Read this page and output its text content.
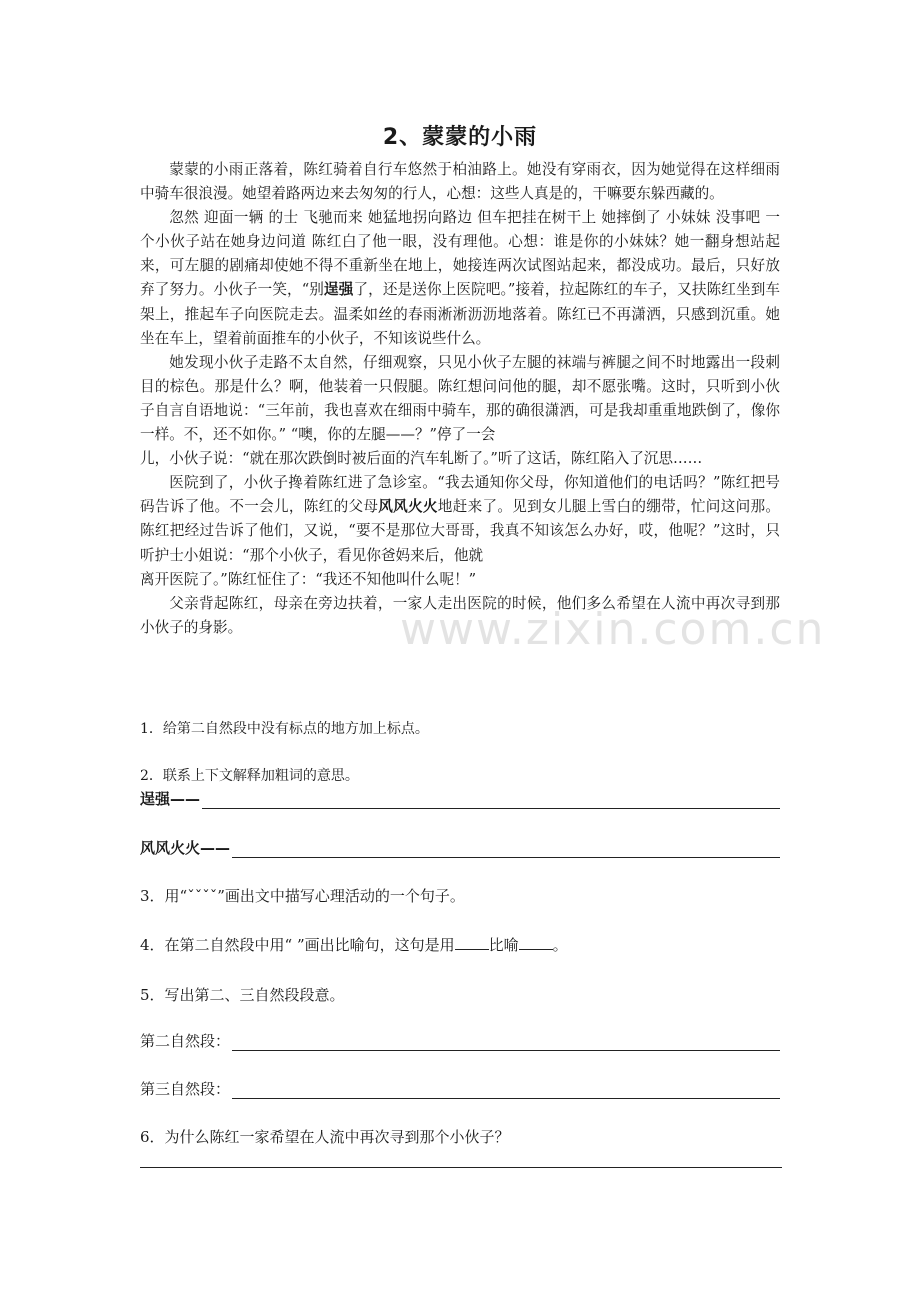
www.zixin.com.cn
2、蒙蒙的小雨

蒙蒙的小雨正落着，陈红骑着自行车悠然于柏油路上。她没有穿雨衣，因为她觉得在这样细雨中骑车很浪漫。她望着路两边来去匆匆的行人，心想：这些人真是的，干嘛要东躲西藏的。

忽然 迎面一辆 的士 飞驰而来 她猛地拐向路边 但车把挂在树干上 她摔倒了 小妹妹 没事吧 一个小伙子站在她身边问道 陈红白了他一眼，没有理他。心想：谁是你的小妹妹？她一翻身想站起来，可左腿的剧痛却使她不得不重新坐在地上，她接连两次试图站起来，都没成功。最后，只好放弃了努力。小伙子一笑，“别逞强了，还是送你上医院吧。”接着，拉起陈红的车子，又扶陈红坐到车架上，推起车子向医院走去。温柔如丝的春雨淅淅沥沥地落着。陈红已不再潇洒，只感到沉重。她坐在车上，望着前面推车的小伙子，不知该说些什么。

她发现小伙子走路不太自然，仔细观察，只见小伙子左腿的袜端与裤腿之间不时地露出一段刺目的棕色。那是什么？啊，他装着一只假腿。陈红想问问他的腿，却不愿张嘴。这时，只听到小伙子自言自语地说：“三年前，我也喜欢在细雨中骑车，那的确很潇洒，可是我却重重地跌倒了，像你一样。不，还不如你。” “噢，你的左腿——？”停了一会

儿，小伙子说：“就在那次跌倒时被后面的汽车轧断了。”听了这话，陈红陷入了沉思……

医院到了，小伙子搀着陈红进了急诊室。“我去通知你父母，你知道他们的电话吗？”陈红把号码告诉了他。不一会儿，陈红的父母风风火火地赶来了。见到女儿腿上雪白的绷带，忙问这问那。陈红把经过告诉了他们，又说，“要不是那位大哥哥，我真不知该怎么办好，哎，他呢？”这时，只听护士小姐说：“那个小伙子，看见你爸妈来后，他就

离开医院了。”陈红怔住了：“我还不知他叫什么呢！”

父亲背起陈红，母亲在旁边扶着，一家人走出医院的时候，他们多么希望在人流中再次寻到那小伙子的身影。

1．给第二自然段中没有标点的地方加上标点。
2．联系上下文解释加粗词的意思。
逞强——
风风火火——
3．用“ˇˇˇˇ”画出文中描写心理活动的一个句子。
4．在第二自然段中用“ ”画出比喻句，这句是用 比喻 。
5．写出第二、三自然段段意。
第二自然段：
第三自然段：
6．为什么陈红一家希望在人流中再次寻到那个小伙子？
